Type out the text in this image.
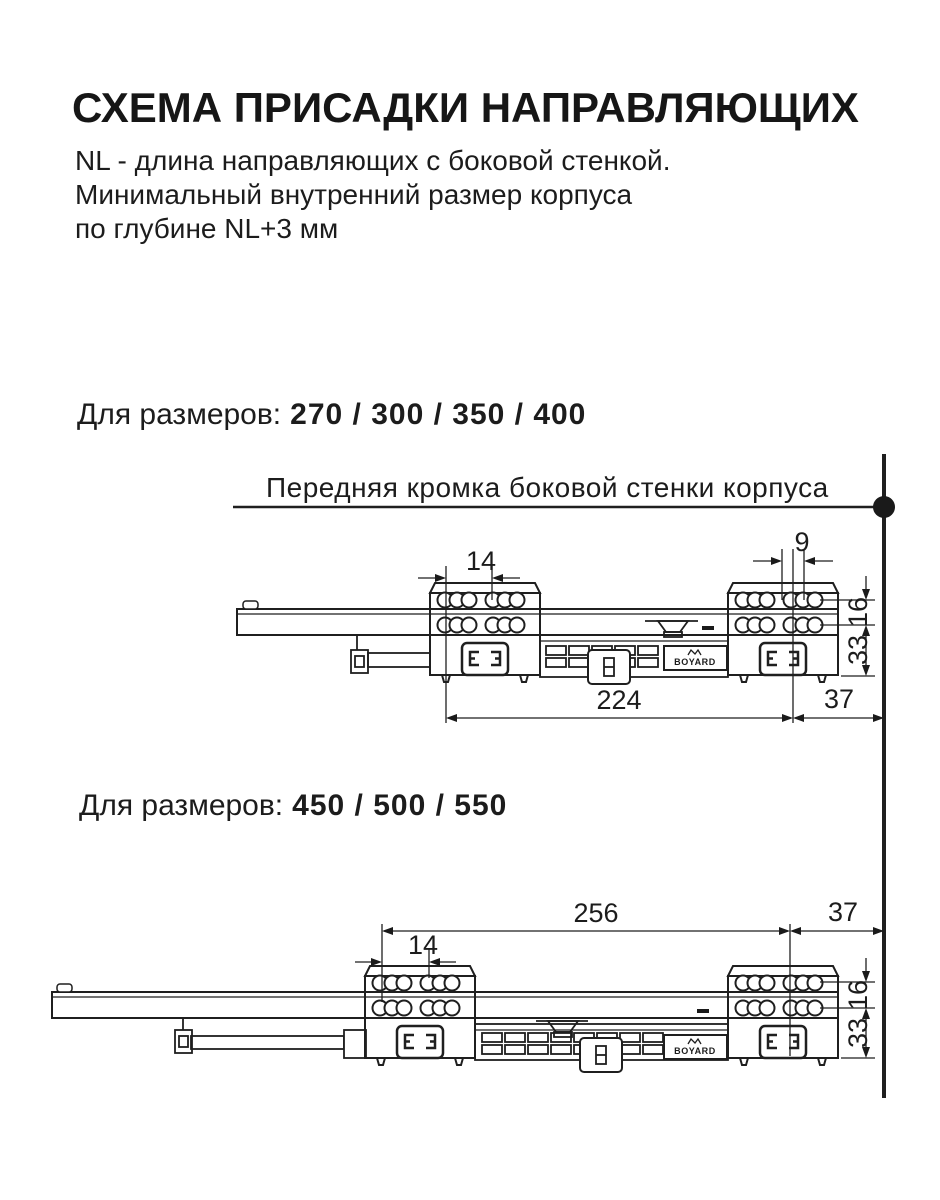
СХЕМА ПРИСАДКИ НАПРАВЛЯЮЩИХ
NL - длина направляющих с боковой стенкой.
Минимальный внутренний размер корпуса
по глубине NL+3 мм
Для размеров: 270 / 300 / 350 / 400
Для размеров: 450 / 500 / 550
Передняя кромка боковой стенки корпуса
BOYARD
14
9
16
33
224	37
BOYARD
256	37
14
16
33
